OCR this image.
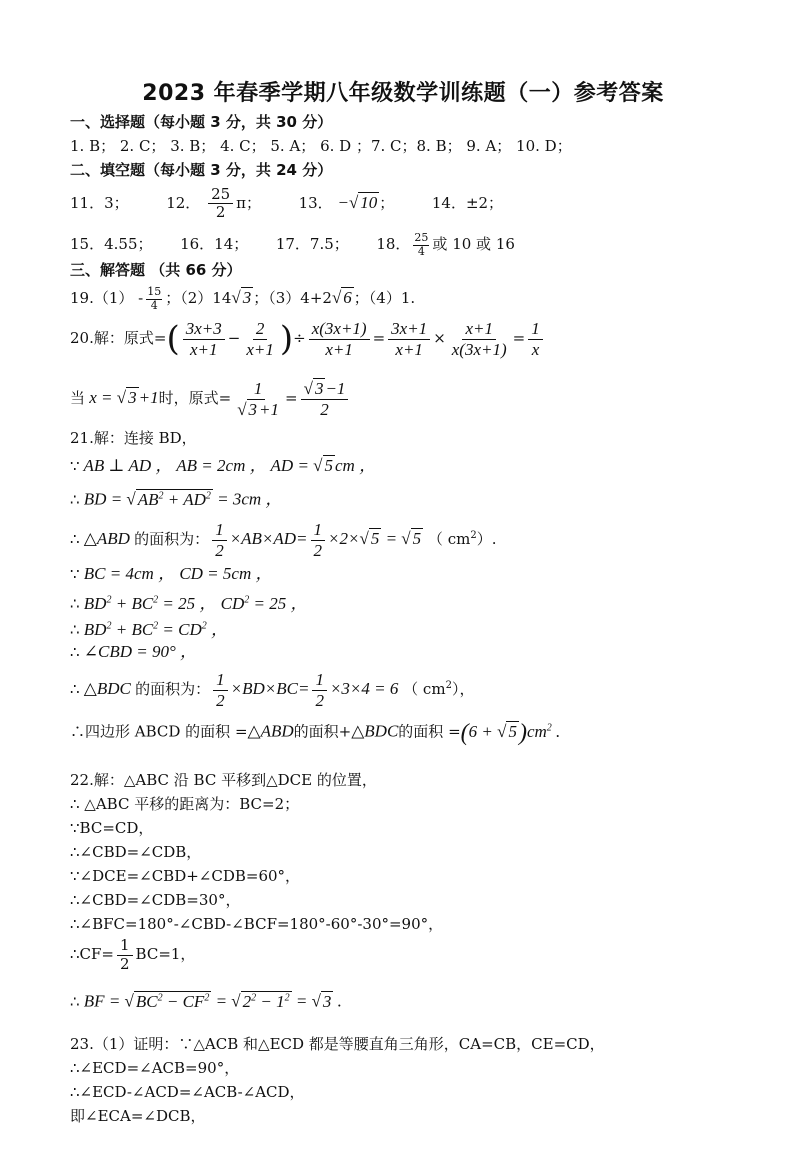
2023 年春季学期八年级数学训练题（一）参考答案
一、选择题（每小题 3 分，共 30 分）
1. B； 2. C； 3. B； 4. C； 5. A； 6. D ；7. C；8. B； 9. A； 10. D；
二、填空题（每小题 3 分，共 24 分）
11．3；	12． $\frac{25}{2}$ π；	13． −√ 10 ；	14．±2；
15．4.55； 16．14； 17．7.5； 18． $\frac{25}{4}$ 或 10 或 16
三、解答题 （共 66 分）
$19.(1) - \frac{15}{4}$ ；（2）14√ 3 ；（3）4+2√ 6 ；（4）1.
20.解：原式=( $\frac{3x+3}{x+1} - \frac{2}{x+1}$ )÷ $\frac{x(3x+1)}{x+1} = \frac{3x+1}{x+1} \times \frac{x+1}{x(3x+1)} = \frac{1}{x}$
当 x = √ 3 +1时，原式= $\frac{1}{√ 3 +1} = \frac{√ 3 -1}{2}$
21.解：连接 BD，
∵ AB ⊥ AD ， AB = 2cm ， AD = √ 5 cm ，
∴ BD = √ $AB^2 + AD^2 = 3cm$ ，
∴ △ABD 的面积为： $\frac{1}{2} \times AB\times AD= \frac{1}{2} \times 2\times√$ 5 = √ 5 （ $cm^2$）.
∵ BC = 4cm ， CD = 5cm ，
∴ $BD^2 + BC^2 = 25$ ， $CD^2 = 25$ ，
∴ $BD^2 + BC^2 = CD^2$ ，
∴ ∠CBD = 90° ，
∴ △BDC 的面积为： $\frac{1}{2} \times BD\times BC= \frac{1}{2} \times 3\times 4 = 6$ （ $cm^2$），
∴四边形 ABCD 的面积 =△ABD的面积+△BDC的面积 =(6 + √ $5)cm^2$ .
22.解：△ABC 沿 BC 平移到△DCE 的位置，
∴ △ABC 平移的距离为：BC=2；
∵BC=CD，
∴∠CBD=∠CDB，
∵∠DCE=∠CBD+∠CDB=60°，
∴∠CBD=∠CDB=30°，
∴∠BFC=180°-∠CBD-∠BCF=180°-60°-30°=90°，
∴CF= $\frac{1}{2} BC=1$，
∴ BF = √ $BC^2 - CF^2$ = √ $2^2 - 1^2$ = √ 3 .
23.（1）证明：∵△ACB 和△ECD 都是等腰直角三角形，CA=CB，CE=CD，
∴∠ECD=∠ACB=90°，
∴∠ECD-∠ACD=∠ACB-∠ACD，
即∠ECA=∠DCB，
